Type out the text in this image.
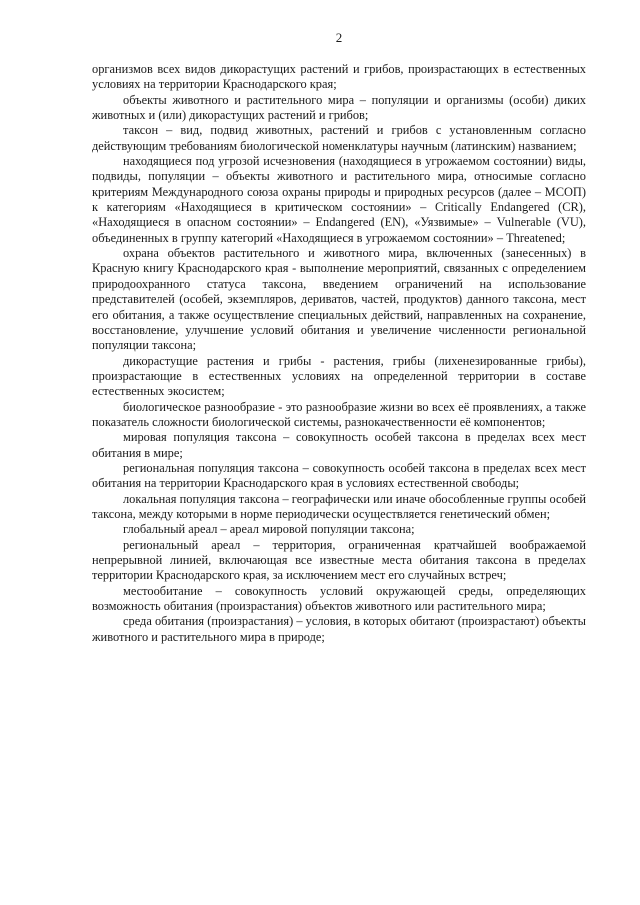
2

организмов всех видов дикорастущих растений и грибов, произрастающих в естественных условиях на территории Краснодарского края;

объекты животного и растительного мира – популяции и организмы (особи) диких животных и (или) дикорастущих растений и грибов;

таксон – вид, подвид животных, растений и грибов с установленным согласно действующим требованиям биологической номенклатуры научным (латинским) названием;

находящиеся под угрозой исчезновения (находящиеся в угрожаемом состоянии) виды, подвиды, популяции – объекты животного и растительного мира, относимые согласно критериям Международного союза охраны природы и природных ресурсов (далее – МСОП) к категориям «Находящиеся в критическом состоянии» – Critically Endangered (CR), «Находящиеся в опасном состоянии» – Endangered (EN), «Уязвимые» – Vulnerable (VU), объединенных в группу категорий «Находящиеся в угрожаемом состоянии» – Threatened;

охрана объектов растительного и животного мира, включенных (занесенных) в Красную книгу Краснодарского края - выполнение мероприятий, связанных с определением природоохранного статуса таксона, введением ограничений на использование представителей (особей, экземпляров, дериватов, частей, продуктов) данного таксона, мест его обитания, а также осуществление специальных действий, направленных на сохранение, восстановление, улучшение условий обитания и увеличение численности региональной популяции таксона;

дикорастущие растения и грибы - растения, грибы (лихенезированные грибы), произрастающие в естественных условиях на определенной территории в составе естественных экосистем;

биологическое разнообразие - это разнообразие жизни во всех её проявлениях, а также показатель сложности биологической системы, разнокачественности её компонентов;

мировая популяция таксона – совокупность особей таксона в пределах всех мест обитания в мире;

региональная популяция таксона – совокупность особей таксона в пределах всех мест обитания на территории Краснодарского края в условиях естественной свободы;

локальная популяция таксона – географически или иначе обособленные группы особей таксона, между которыми в норме периодически осуществляется генетический обмен;

глобальный ареал – ареал мировой популяции таксона;

региональный ареал – территория, ограниченная кратчайшей воображаемой непрерывной линией, включающая все известные места обитания таксона в пределах территории Краснодарского края, за исключением мест его случайных встреч;

местообитание – совокупность условий окружающей среды, определяющих возможность обитания (произрастания) объектов животного или растительного мира;

среда обитания (произрастания) – условия, в которых обитают (произрастают) объекты животного и растительного мира в природе;
